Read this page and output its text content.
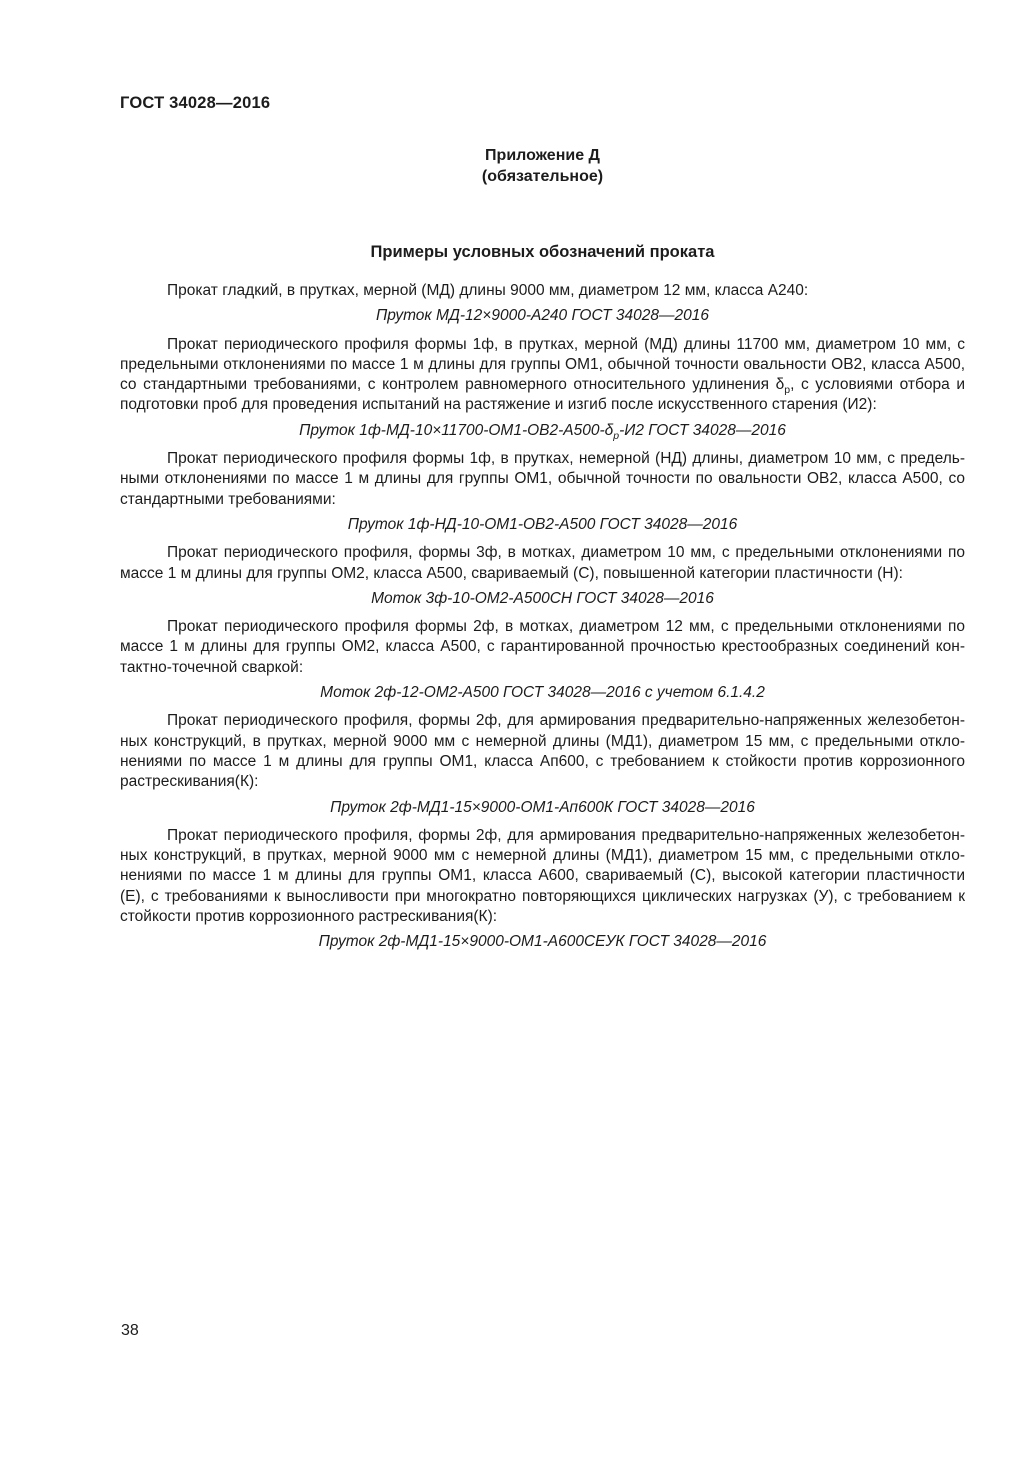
ГОСТ 34028—2016
Приложение Д
(обязательное)
Примеры условных обозначений проката
Прокат гладкий, в прутках, мерной (МД) длины 9000 мм, диаметром 12 мм, класса А240:
Пруток МД-12×9000-А240 ГОСТ 34028—2016
Прокат периодического профиля формы 1ф, в прутках, мерной (МД) длины 11700 мм, диаметром 10 мм, с
предельными отклонениями по массе 1 м длины для группы ОМ1, обычной точности овальности ОВ2, класса А500,
со стандартными требованиями, с контролем равномерного относительного удлинения $\delta_р$, с условиями отбора и
подготовки проб для проведения испытаний на растяжение и изгиб после искусственного старения (И2):
Пруток $1ф-МД-10\times 11700-ОМ1-ОВ2-А500-\delta_р-И2$ ГОСТ 34028—2016
Прокат периодического профиля формы 1ф, в прутках, немерной (НД) длины, диаметром 10 мм, с предель-
ными отклонениями по массе 1 м длины для группы ОМ1, обычной точности по овальности ОВ2, класса А500, со
стандартными требованиями:
Пруток 1ф-НД-10-ОМ1-ОВ2-А500 ГОСТ 34028—2016
Прокат периодического профиля, формы 3ф, в мотках, диаметром 10 мм, с предельными отклонениями по
массе 1 м длины для группы ОМ2, класса А500, свариваемый (С), повышенной категории пластичности (Н):
Моток 3ф-10-ОМ2-А500СН ГОСТ 34028—2016
Прокат периодического профиля формы 2ф, в мотках, диаметром 12 мм, с предельными отклонениями по
массе 1 м длины для группы ОМ2, класса А500, с гарантированной прочностью крестообразных соединений кон-
тактно-точечной сваркой:
Моток 2ф-12-ОМ2-А500 ГОСТ 34028—2016 с учетом 6.1.4.2
Прокат периодического профиля, формы 2ф, для армирования предварительно-напряженных железобетон-
ных конструкций, в прутках, мерной 9000 мм с немерной длины (МД1), диаметром 15 мм, с предельными откло-
нениями по массе 1 м длины для группы ОМ1, класса Ап600, с требованием к стойкости против коррозионного
растрескивания(К):
Пруток 2ф-МД1-15×9000-ОМ1-Ап600К ГОСТ 34028—2016
Прокат периодического профиля, формы 2ф, для армирования предварительно-напряженных железобетон-
ных конструкций, в прутках, мерной 9000 мм с немерной длины (МД1), диаметром 15 мм, с предельными откло-
нениями по массе 1 м длины для группы ОМ1, класса А600, свариваемый (С), высокой категории пластичности
(Е), с требованиями к выносливости при многократно повторяющихся циклических нагрузках (У), с требованием к
стойкости против коррозионного растрескивания(К):
Пруток 2ф-МД1-15×9000-ОМ1-А600СЕУК ГОСТ 34028—2016
38
